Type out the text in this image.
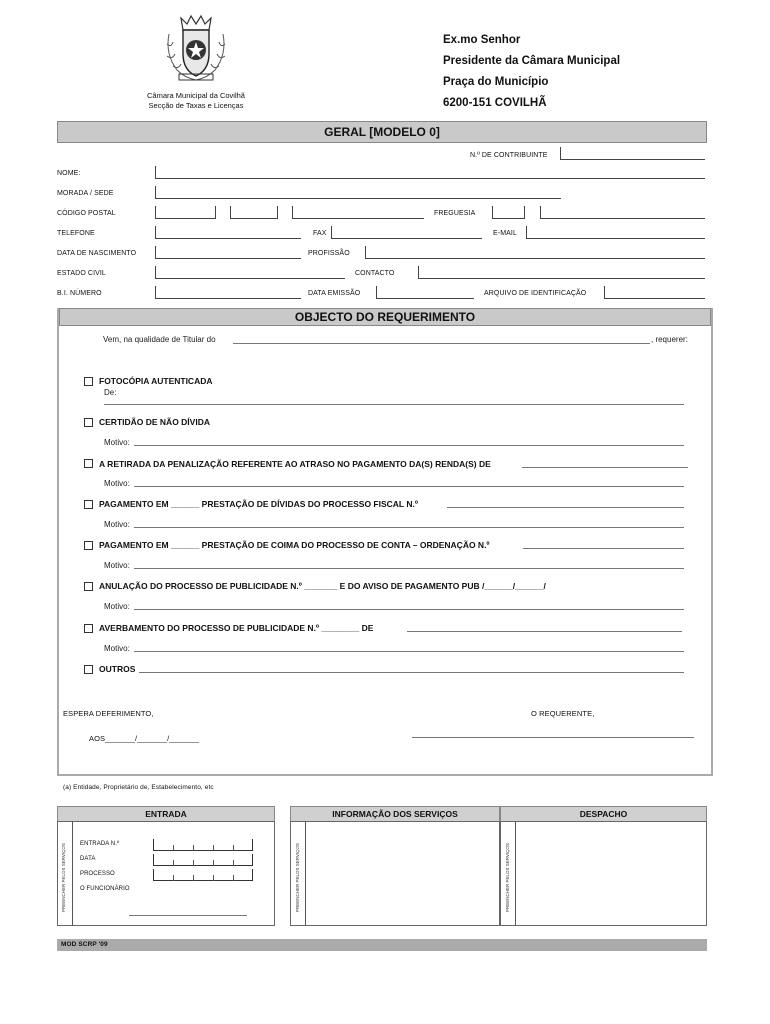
Câmara Municipal da Covilhã
Secção de Taxas e Licenças
Ex.mo Senhor
Presidente da Câmara Municipal
Praça do Município
6200-151 COVILHÃ
GERAL [MODELO 0]
N.º DE CONTRIBUINTE
NOME:
MORADA / SEDE
CÓDIGO POSTAL	FREGUESIA
TELEFONE	FAX	E-MAIL
DATA DE NASCIMENTO	PROFISSÃO
ESTADO CIVIL	CONTACTO
B.I. NÚMERO	DATA EMISSÃO	ARQUIVO DE IDENTIFICAÇÃO
OBJECTO DO REQUERIMENTO
Vem, na qualidade de Titular do	, requerer:
FOTOCÓPIA AUTENTICADA
De:
CERTIDÃO DE NÃO DÍVIDA
Motivo:
A RETIRADA DA PENALIZAÇÃO REFERENTE AO ATRASO NO PAGAMENTO DA(S) RENDA(S) DE
Motivo:
PAGAMENTO EM ______ PRESTAÇÃO DE DÍVIDAS DO PROCESSO FISCAL N.º
Motivo:
PAGAMENTO EM ______ PRESTAÇÃO DE COIMA DO PROCESSO DE CONTA – ORDENAÇÃO N.º
Motivo:
ANULAÇÃO DO PROCESSO DE PUBLICIDADE N.º _______ E DO AVISO DE PAGAMENTO PUB /______/______/
Motivo:
AVERBAMENTO DO PROCESSO DE PUBLICIDADE N.º ________ DE
Motivo:
OUTROS
ESPERA DEFERIMENTO,	O REQUERENTE,
AOS_______/_______/_______
(a) Entidade, Proprietário de, Estabelecimento, etc
ENTRADA
PREENCHER PELOS SERVIÇOS ENTRADA N.º
DATA
PROCESSO
O FUNCIONÁRIO
INFORMAÇÃO DOS SERVIÇOS
PREENCHER PELOS SERVIÇOS
DESPACHO
PREENCHER PELOS SERVIÇOS
MOD SCRP '09
